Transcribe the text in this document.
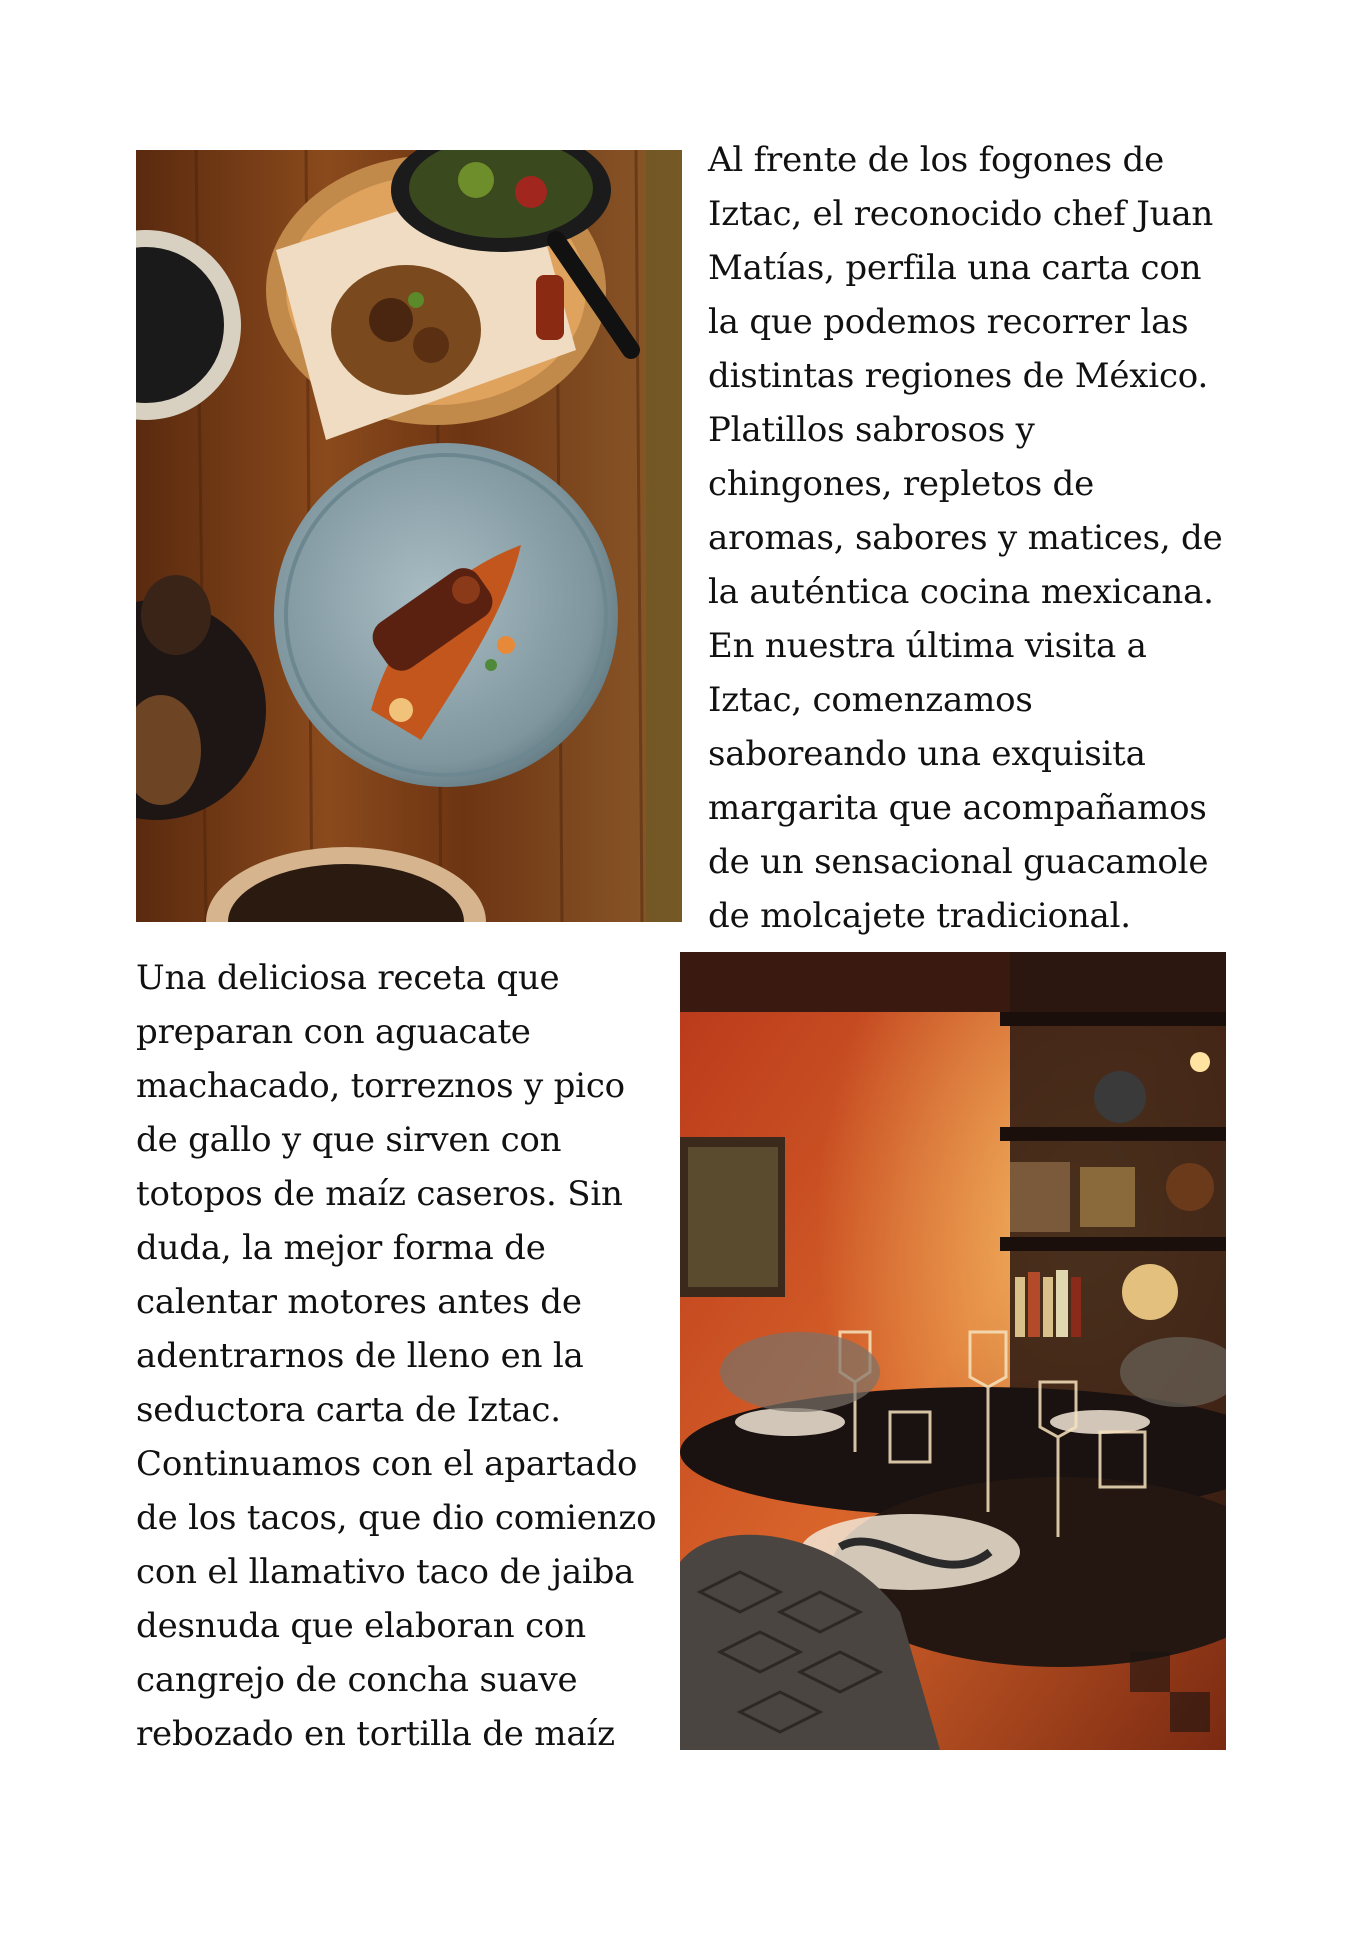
Al frente de los fogones de
Iztac, el reconocido chef Juan
Matías, perfila una carta con
la que podemos recorrer las
distintas regiones de México.
Platillos sabrosos y
chingones, repletos de
aromas, sabores y matices, de
la auténtica cocina mexicana.
En nuestra última visita a
Iztac, comenzamos
saboreando una exquisita
margarita que acompañamos
de un sensacional guacamole
de molcajete tradicional.

Una deliciosa receta que
preparan con aguacate
machacado, torreznos y pico
de gallo y que sirven con
totopos de maíz caseros. Sin
duda, la mejor forma de
calentar motores antes de
adentrarnos de lleno en la
seductora carta de Iztac.
Continuamos con el apartado
de los tacos, que dio comienzo
con el llamativo taco de jaiba
desnuda que elaboran con
cangrejo de concha suave
rebozado en tortilla de maíz
